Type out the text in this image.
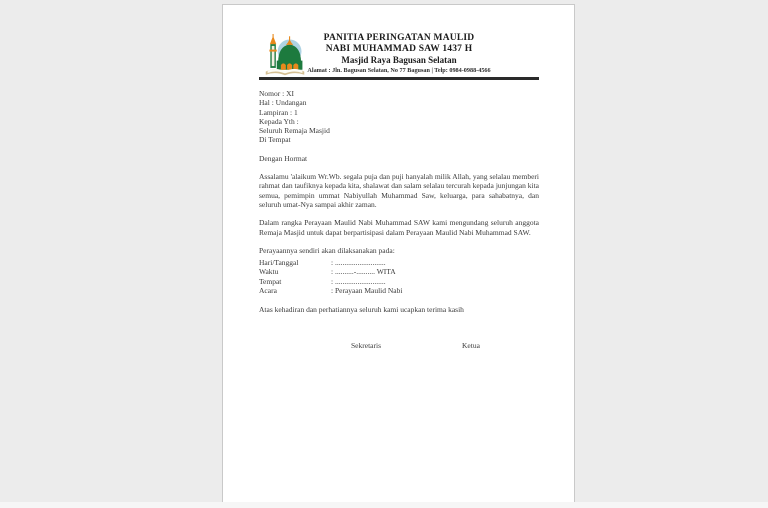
PANITIA PERINGATAN MAULID
NABI MUHAMMAD SAW 1437 H
Masjid Raya Bagusan Selatan
Alamat : Jln. Bagusan Selatan, No 77 Bagusan | Telp: 0984-0988-4566
Nomor : XI
Hal : Undangan
Lampiran : 1
Kepada Yth :
Seluruh Remaja Masjid
Di Tempat
Dengan Hormat
Assalamu 'alaikum Wr.Wb. segala puja dan puji hanyalah milik Allah, yang selalau memberi rahmat dan taufiknya kepada kita, shalawat dan salam selalau tercurah kepada junjungan kita semua, pemimpin ummat Nabiyullah Muhammad Saw, keluarga, para sahabatnya, dan seluruh umat-Nya sampai akhir zaman.
Dalam rangka Perayaan Maulid Nabi Muhammad SAW kami mengundang seluruh anggota Remaja Masjid untuk dapat berpartisipasi dalam Perayaan Maulid Nabi Muhammad SAW.
Perayaannya sendiri akan dilaksanakan pada:
Hari/Tanggal	: ...........................
Waktu	: ..........-.......... WITA
Tempat	: ...........................
Acara	: Perayaan Maulid Nabi
Atas kehadiran dan perhatiannya seluruh kami ucapkan terima kasih
Sekretaris	Ketua
